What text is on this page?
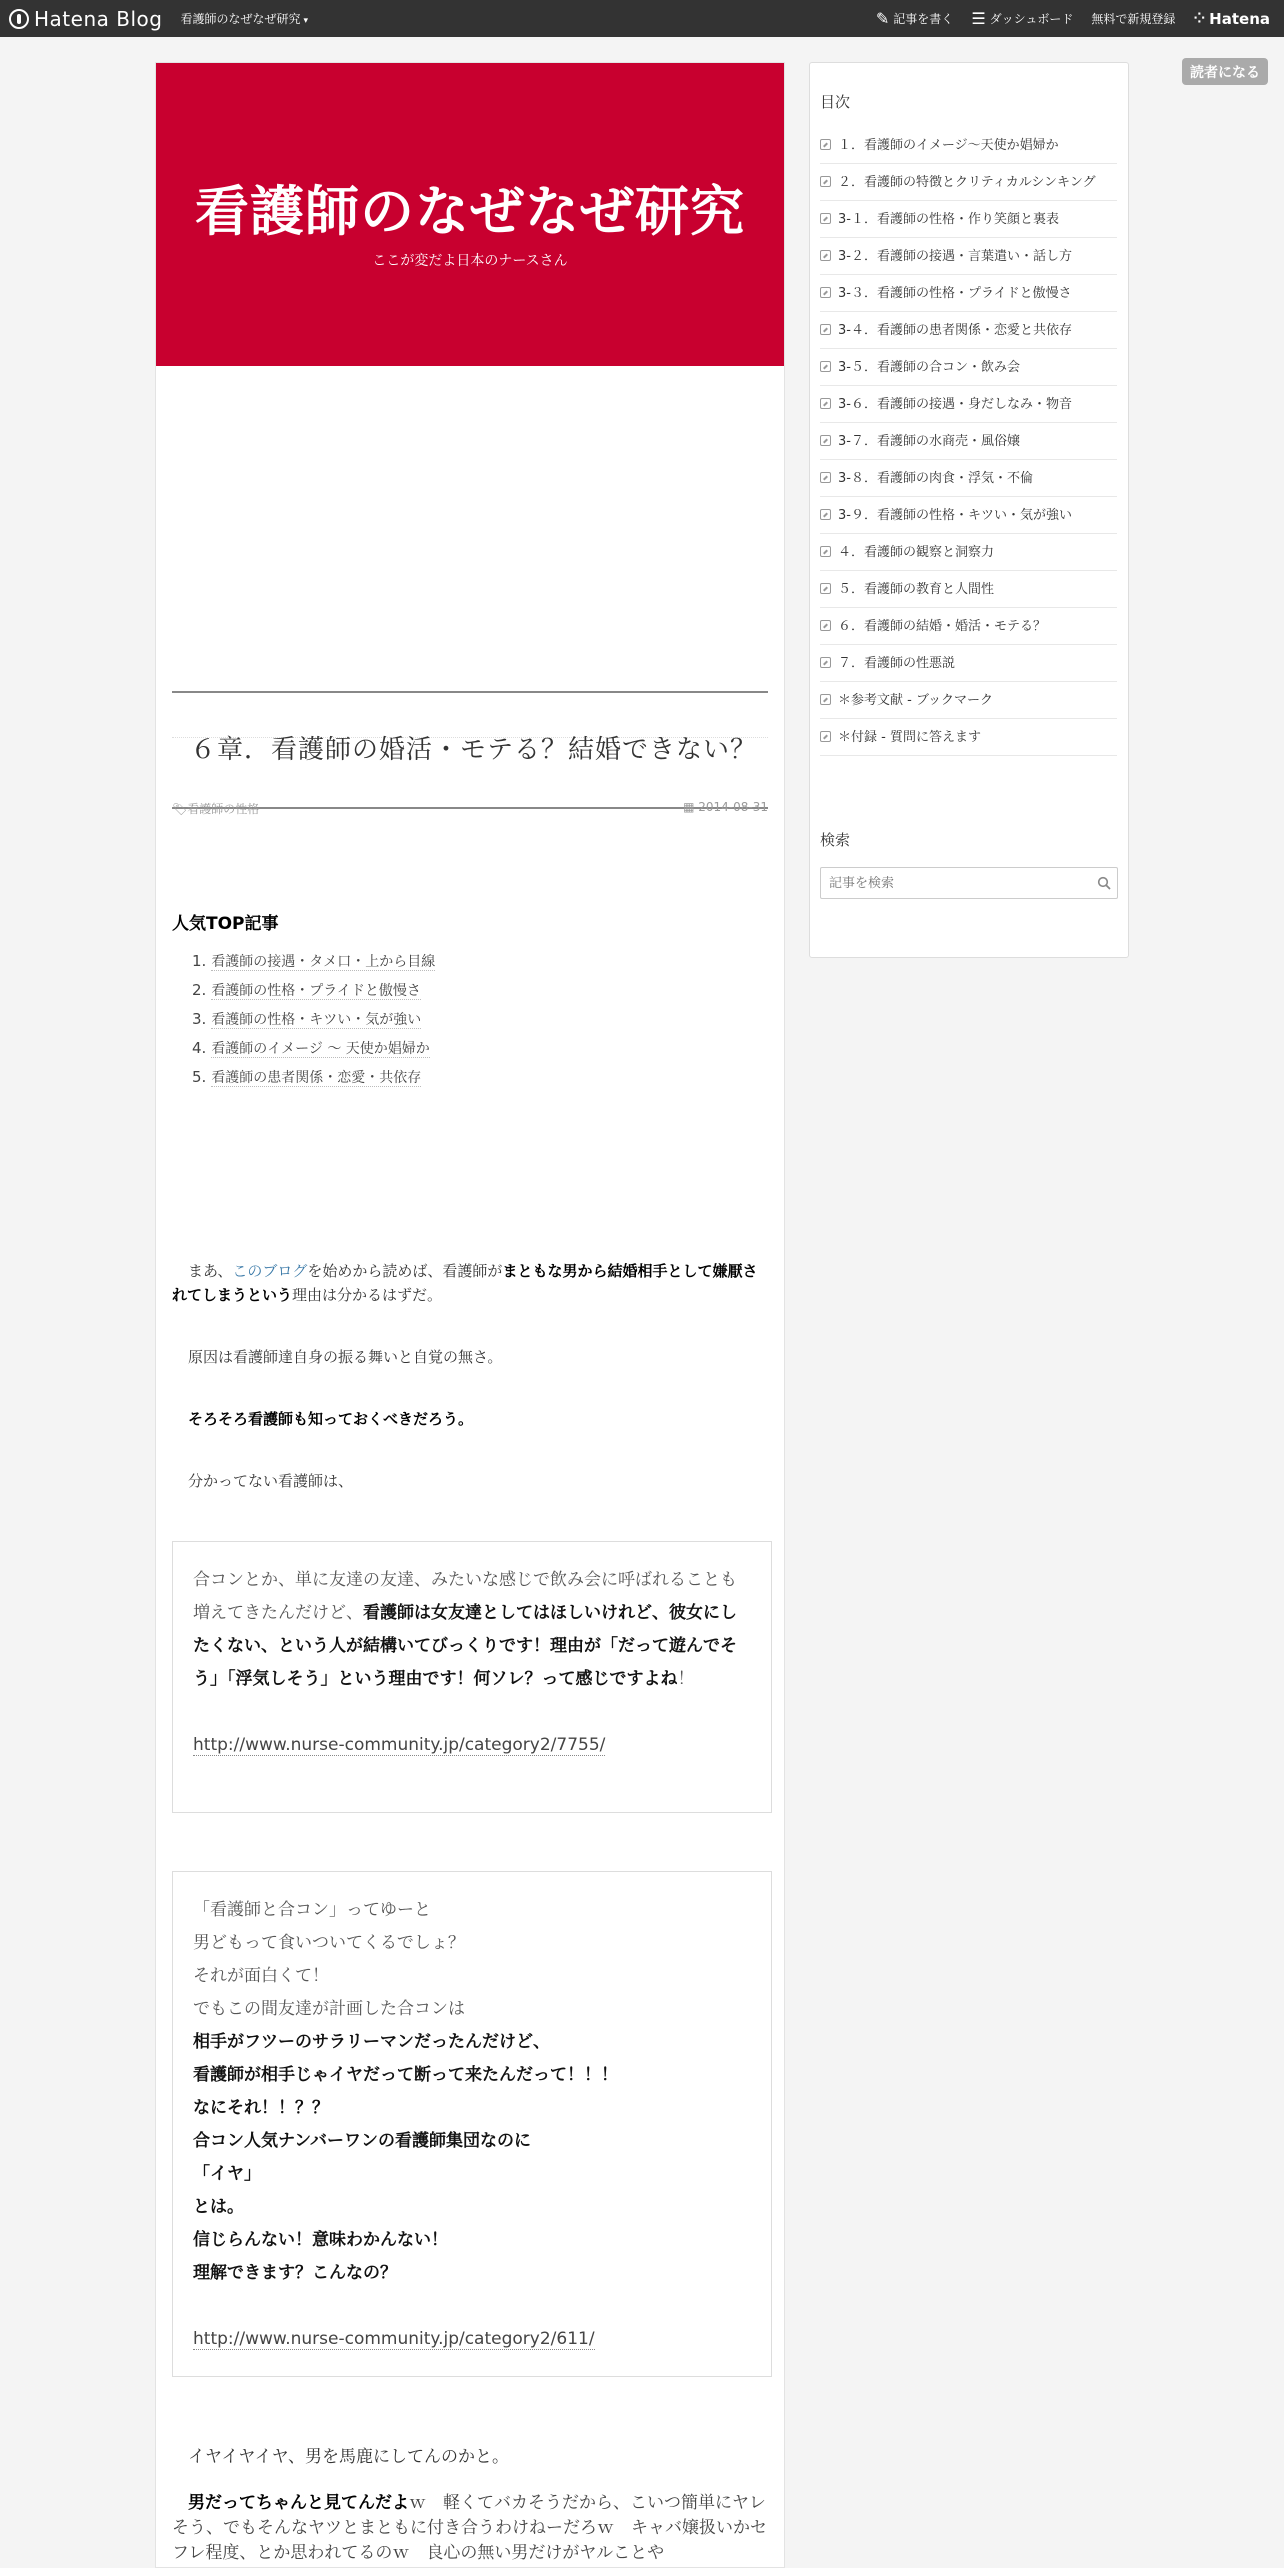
Hatena Blog 看護師のなぜなぜ研究 ▾	✎ 記事を書く ☰ ダッシュボード 無料で新規登録 ⁘ Hatena
読者になる
看護師のなぜなぜ研究
ここが変だよ日本のナースさん
６章．看護師の婚活・モテる？結婚できない？
🏷看護師の性格	▦ 2014-08-31
人気TOP記事
1. 看護師の接遇・タメ口・上から目線
2. 看護師の性格・プライドと傲慢さ
3. 看護師の性格・キツい・気が強い
4. 看護師のイメージ 〜 天使か娼婦か
5. 看護師の患者関係・恋愛・共依存

まあ、このブログを始めから読めば、看護師がまともな男から結婚相手として嫌厭されてしまうという理由は分かるはずだ。

原因は看護師達自身の振る舞いと自覚の無さ。

そろそろ看護師も知っておくべきだろう。

分かってない看護師は、

合コンとか、単に友達の友達、みたいな感じで飲み会に呼ばれることも増えてきたんだけど、看護師は女友達としてはほしいけれど、彼女にしたくない、という人が結構いてびっくりです！理由が「だって遊んでそう」「浮気しそう」という理由です！何ソレ？って感じですよね！

http://www.nurse-community.jp/category2/7755/
「看護師と合コン」ってゆーと
男どもって食いついてくるでしょ？
それが面白くて！
でもこの間友達が計画した合コンは
相手がフツーのサラリーマンだったんだけど、
看護師が相手じゃイヤだって断って来たんだって！！！
なにそれ！！？？
合コン人気ナンバーワンの看護師集団なのに
「イヤ」
とは。
信じらんない！意味わかんない！
理解できます？こんなの？

http://www.nurse-community.jp/category2/611/

イヤイヤイヤ、男を馬鹿にしてんのかと。

男だってちゃんと見てんだよｗ　軽くてバカそうだから、こいつ簡単にヤレそう、でもそんなヤツとまともに付き合うわけねーだろｗ　キャバ嬢扱いかセフレ程度、とか思われてるのｗ　良心の無い男だけがヤルことや

目次
１．看護師のイメージ〜天使か娼婦か
２．看護師の特徴とクリティカルシンキング
3-１．看護師の性格・作り笑顔と裏表
3-２．看護師の接遇・言葉遣い・話し方
3-３．看護師の性格・プライドと傲慢さ
3-４．看護師の患者関係・恋愛と共依存
3-５．看護師の合コン・飲み会
3-６．看護師の接遇・身だしなみ・物音
3-７．看護師の水商売・風俗嬢
3-８．看護師の肉食・浮気・不倫
3-９．看護師の性格・キツい・気が強い
４．看護師の観察と洞察力
５．看護師の教育と人間性
６．看護師の結婚・婚活・モテる？
７．看護師の性悪説
＊参考文献 - ブックマーク
＊付録 - 質問に答えます
検索
記事を検索
